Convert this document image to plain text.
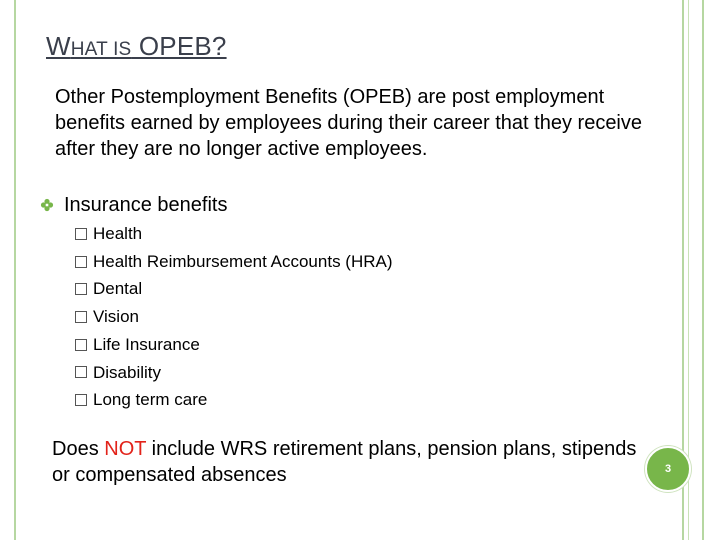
WHAT IS OPEB?
Other Postemployment Benefits (OPEB) are post employment benefits earned by employees during their career that they receive after they are no longer active employees.
Insurance benefits
Health
Health Reimbursement Accounts (HRA)
Dental
Vision
Life Insurance
Disability
Long term care
Does NOT include WRS retirement plans, pension plans, stipends or compensated absences	3
